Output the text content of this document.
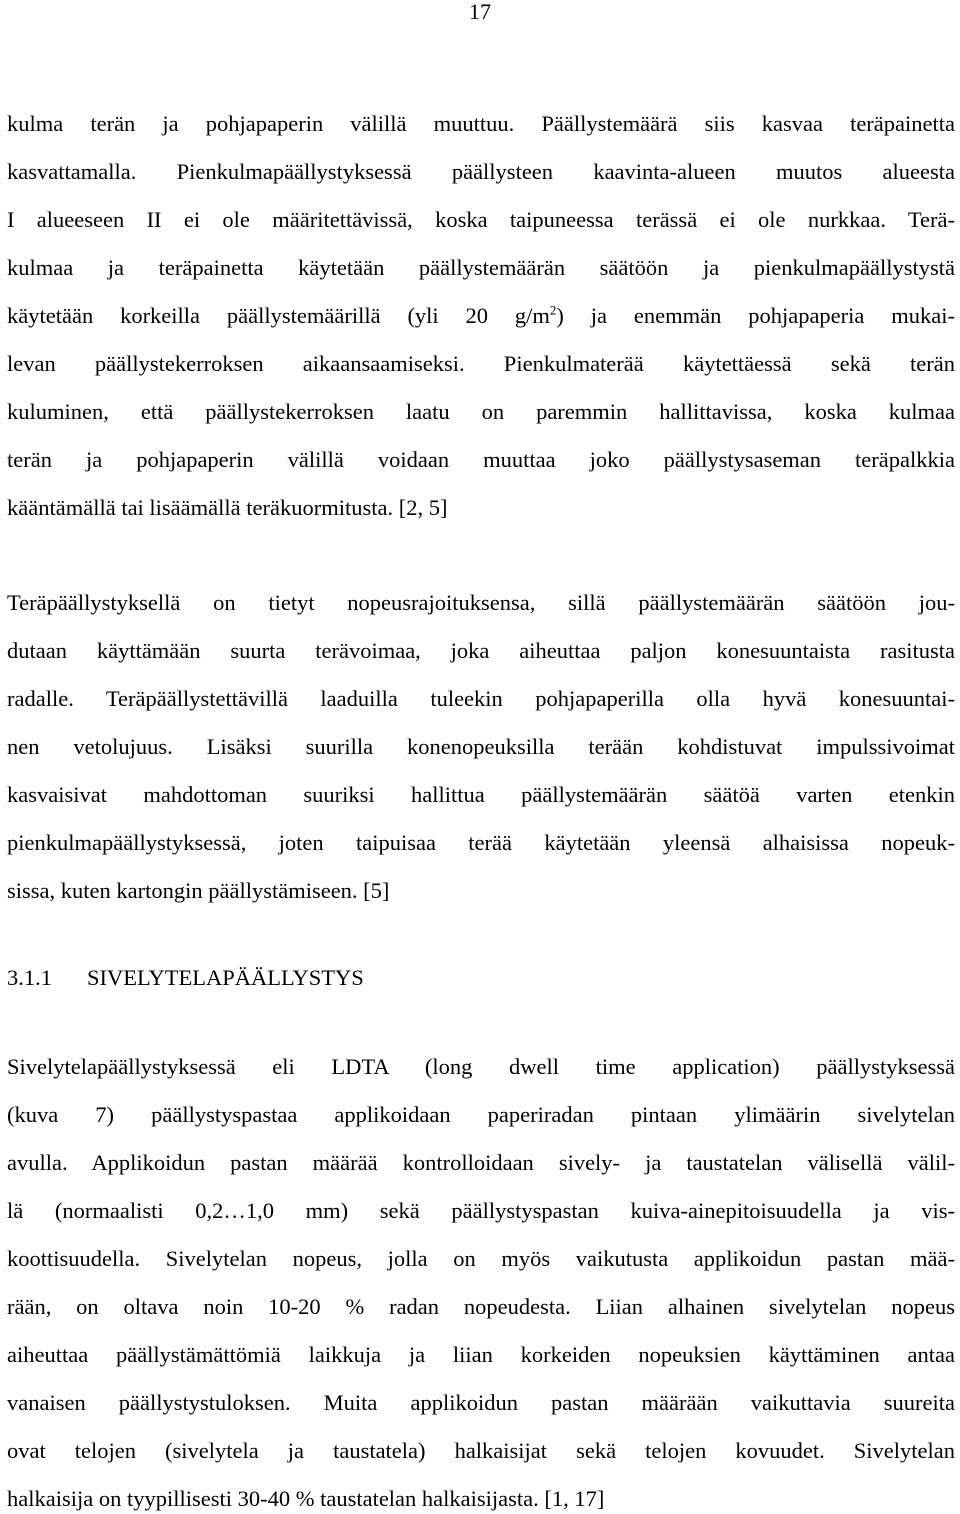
17
kulma terän ja pohjapaperin välillä muuttuu. Päällystemäärä siis kasvaa teräpainetta
kasvattamalla. Pienkulmapäällystyksessä päällysteen kaavinta-alueen muutos alueesta
I alueeseen II ei ole määritettävissä, koska taipuneessa terässä ei ole nurkkaa. Terä-
kulmaa ja teräpainetta käytetään päällystemäärän säätöön ja pienkulmapäällystystä
käytetään korkeilla päällystemäärillä (yli 20 $g/m^2$) ja enemmän pohjapaperia mukai-
levan päällystekerroksen aikaansaamiseksi. Pienkulmaterää käytettäessä sekä terän
kuluminen, että päällystekerroksen laatu on paremmin hallittavissa, koska kulmaa
terän ja pohjapaperin välillä voidaan muuttaa joko päällystysaseman teräpalkkia
kääntämällä tai lisäämällä teräkuormitusta. [2, 5]
Teräpäällystyksellä on tietyt nopeusrajoituksensa, sillä päällystemäärän säätöön jou-
dutaan käyttämään suurta terävoimaa, joka aiheuttaa paljon konesuuntaista rasitusta
radalle. Teräpäällystettävillä laaduilla tuleekin pohjapaperilla olla hyvä konesuuntai-
nen vetolujuus. Lisäksi suurilla konenopeuksilla terään kohdistuvat impulssivoimat
kasvaisivat mahdottoman suuriksi hallittua päällystemäärän säätöä varten etenkin
pienkulmapäällystyksessä, joten taipuisaa terää käytetään yleensä alhaisissa nopeuk-
sissa, kuten kartongin päällystämiseen. [5]
3.1.1 SIVELYTELAPÄÄLLYSTYS
Sivelytelapäällystyksessä eli LDTA (long dwell time application) päällystyksessä
(kuva 7) päällystyspastaa applikoidaan paperiradan pintaan ylimäärin sivelytelan
avulla. Applikoidun pastan määrää kontrolloidaan sively- ja taustatelan välisellä välil-
lä (normaalisti 0,2…1,0 mm) sekä päällystyspastan kuiva-ainepitoisuudella ja vis-
koottisuudella. Sivelytelan nopeus, jolla on myös vaikutusta applikoidun pastan mää-
rään, on oltava noin 10-20 % radan nopeudesta. Liian alhainen sivelytelan nopeus
aiheuttaa päällystämättömiä laikkuja ja liian korkeiden nopeuksien käyttäminen antaa
vanaisen päällystystuloksen. Muita applikoidun pastan määrään vaikuttavia suureita
ovat telojen (sivelytela ja taustatela) halkaisijat sekä telojen kovuudet. Sivelytelan
halkaisija on tyypillisesti 30-40 % taustatelan halkaisijasta. [1, 17]
